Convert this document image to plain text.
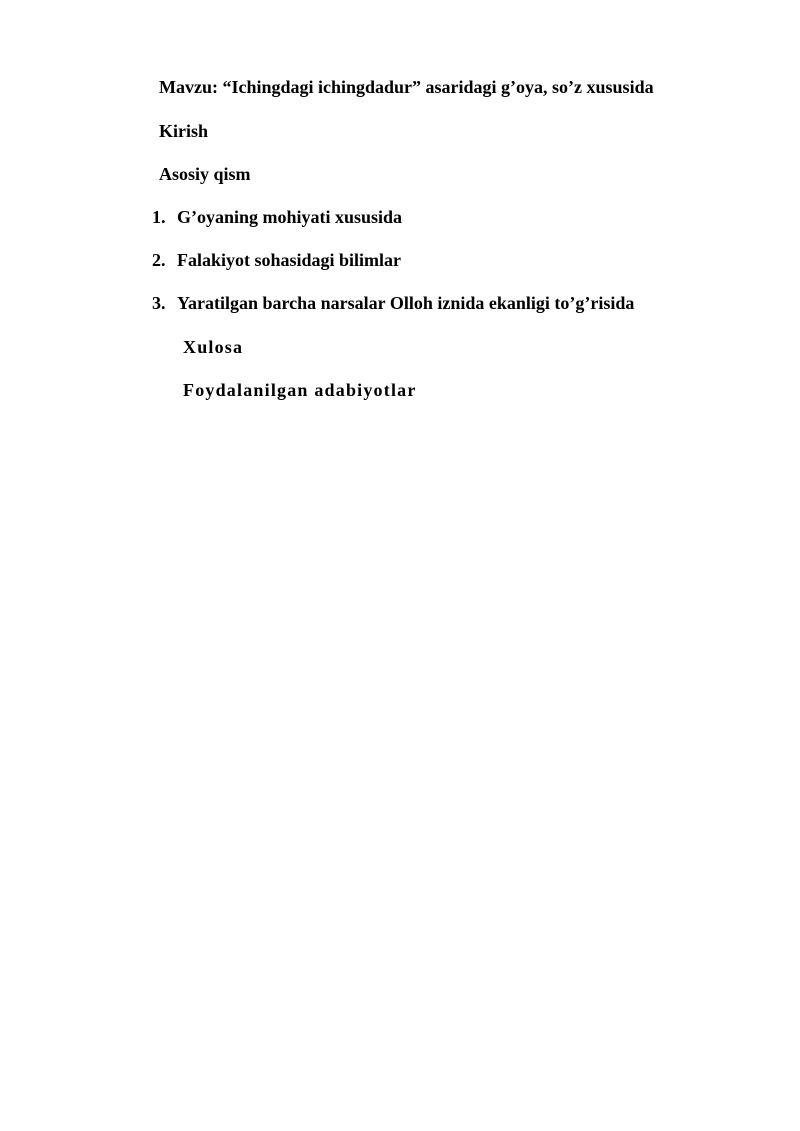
Mavzu: “Ichingdagi ichingdadur” asaridagi g’oya, so’z xususida

Kirish

Asosiy qism

1. G’oyaning mohiyati xususida

2. Falakiyot sohasidagi bilimlar

3. Yaratilgan barcha narsalar Olloh iznida ekanligi to’g’risida

Xulosa

Foydalanilgan adabiyotlar
